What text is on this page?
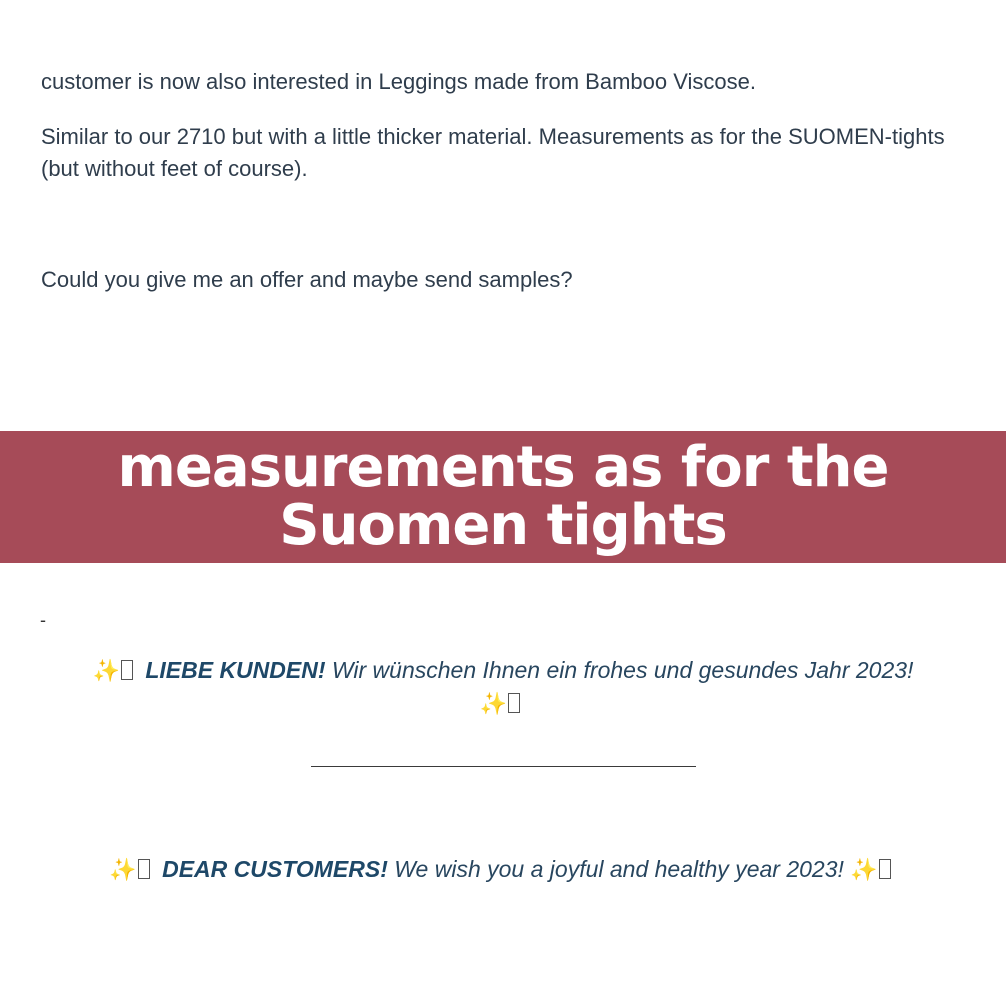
customer is now also interested in Leggings made from Bamboo Viscose.

Similar to our 2710 but with a little thicker material. Measurements as for the SUOMEN-tights (but without feet of course).

Could you give me an offer and maybe send samples?

measurements as for the Suomen tights
-
✨ LIEBE KUNDEN! Wir wünschen Ihnen ein frohes und gesundes Jahr 2023!
✨
✨ DEAR CUSTOMERS! We wish you a joyful and healthy year 2023! ✨
